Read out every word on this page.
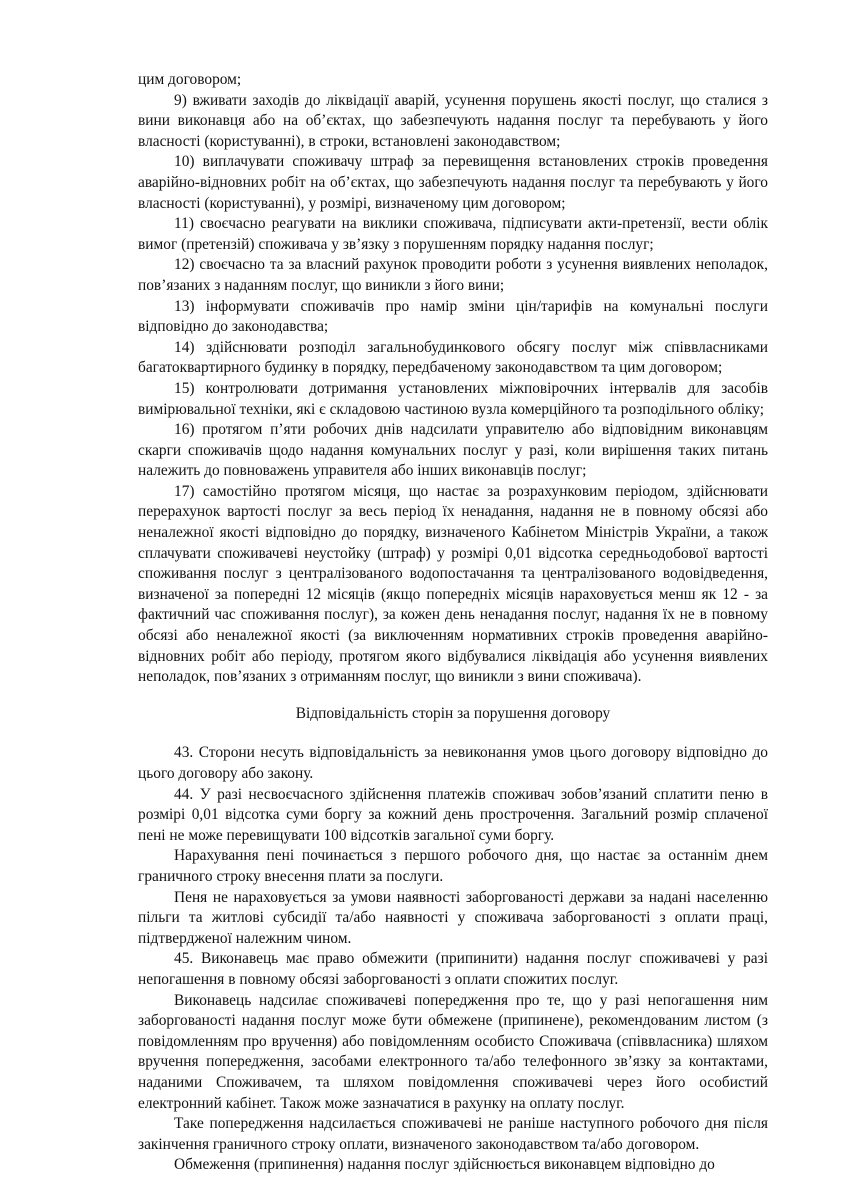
цим договором;

9) вживати заходів до ліквідації аварій, усунення порушень якості послуг, що сталися з вини виконавця або на об’єктах, що забезпечують надання послуг та перебувають у його власності (користуванні), в строки, встановлені законодавством;

10) виплачувати споживачу штраф за перевищення встановлених строків проведення аварійно-відновних робіт на об’єктах, що забезпечують надання послуг та перебувають у його власності (користуванні), у розмірі, визначеному цим договором;

11) своєчасно реагувати на виклики споживача, підписувати акти-претензії, вести облік вимог (претензій) споживача у зв’язку з порушенням порядку надання послуг;

12) своєчасно та за власний рахунок проводити роботи з усунення виявлених неполадок, пов’язаних з наданням послуг, що виникли з його вини;

13) інформувати споживачів про намір зміни цін/тарифів на комунальні послуги відповідно до законодавства;

14) здійснювати розподіл загальнобудинкового обсягу послуг між співвласниками багатоквартирного будинку в порядку, передбаченому законодавством та цим договором;

15) контролювати дотримання установлених міжповірочних інтервалів для засобів вимірювальної техніки, які є складовою частиною вузла комерційного та розподільного обліку;

16) протягом п’яти робочих днів надсилати управителю або відповідним виконавцям скарги споживачів щодо надання комунальних послуг у разі, коли вирішення таких питань належить до повноважень управителя або інших виконавців послуг;

17) самостійно протягом місяця, що настає за розрахунковим періодом, здійснювати перерахунок вартості послуг за весь період їх ненадання, надання не в повному обсязі або неналежної якості відповідно до порядку, визначеного Кабінетом Міністрів України, а також сплачувати споживачеві неустойку (штраф) у розмірі 0,01 відсотка середньодобової вартості споживання послуг з централізованого водопостачання та централізованого водовідведення, визначеної за попередні 12 місяців (якщо попередніх місяців нараховується менш як 12 - за фактичний час споживання послуг), за кожен день ненадання послуг, надання їх не в повному обсязі або неналежної якості (за виключенням нормативних строків проведення аварійно-відновних робіт або періоду, протягом якого відбувалися ліквідація або усунення виявлених неполадок, пов’язаних з отриманням послуг, що виникли з вини споживача).

Відповідальність сторін за порушення договору

43. Сторони несуть відповідальність за невиконання умов цього договору відповідно до цього договору або закону.

44. У разі несвоєчасного здійснення платежів споживач зобов’язаний сплатити пеню в розмірі 0,01 відсотка суми боргу за кожний день прострочення. Загальний розмір сплаченої пені не може перевищувати 100 відсотків загальної суми боргу.

Нарахування пені починається з першого робочого дня, що настає за останнім днем граничного строку внесення плати за послуги.

Пеня не нараховується за умови наявності заборгованості держави за надані населенню пільги та житлові субсидії та/або наявності у споживача заборгованості з оплати праці, підтвердженої належним чином.

45. Виконавець має право обмежити (припинити) надання послуг споживачеві у разі непогашення в повному обсязі заборгованості з оплати спожитих послуг.

Виконавець надсилає споживачеві попередження про те, що у разі непогашення ним заборгованості надання послуг може бути обмежене (припинене), рекомендованим листом (з повідомленням про вручення) або повідомленням особисто Споживача (співвласника) шляхом вручення попередження, засобами електронного та/або телефонного зв’язку за контактами, наданими Споживачем, та шляхом повідомлення споживачеві через його особистий електронний кабінет. Також може зазначатися в рахунку на оплату послуг.

Таке попередження надсилається споживачеві не раніше наступного робочого дня після закінчення граничного строку оплати, визначеного законодавством та/або договором.

Обмеження (припинення) надання послуг здійснюється виконавцем відповідно до
